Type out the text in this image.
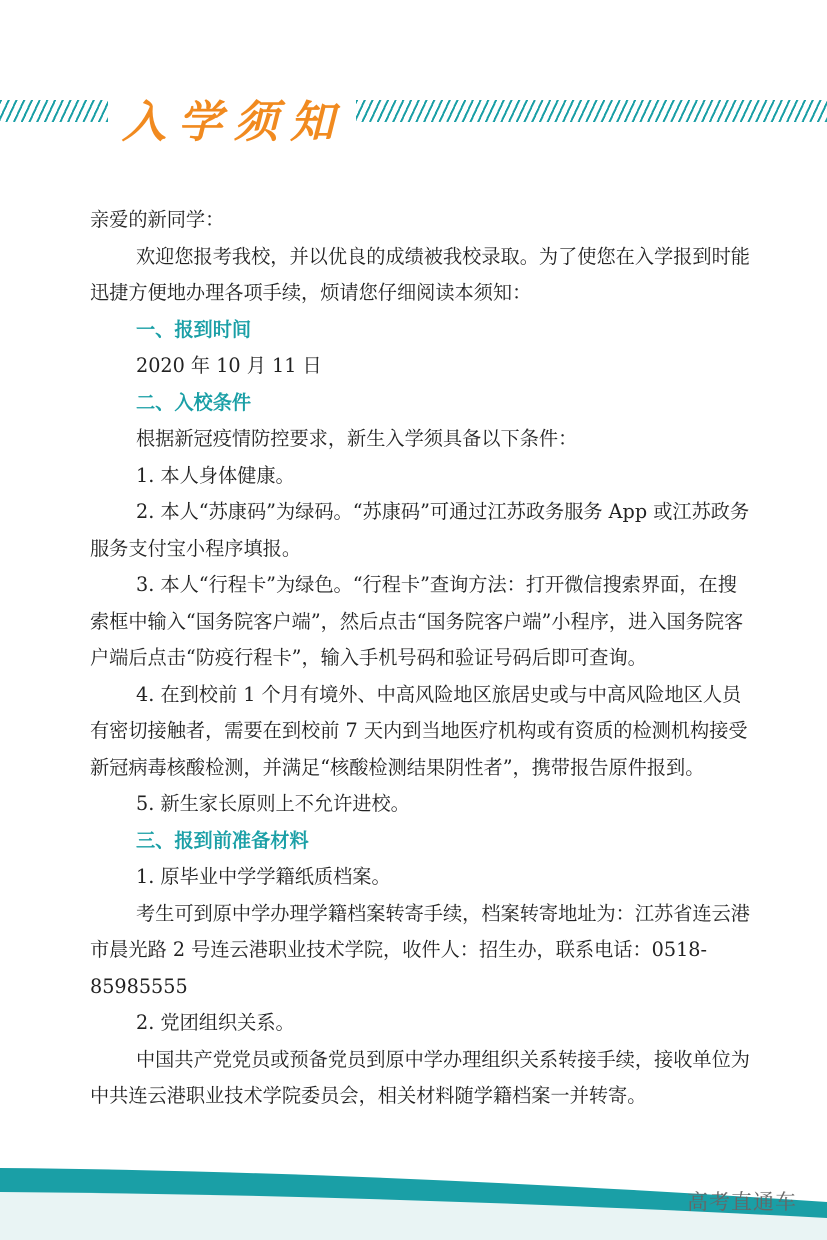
入学须知

亲爱的新同学：

欢迎您报考我校，并以优良的成绩被我校录取。为了使您在入学报到时能迅捷方便地办理各项手续，烦请您仔细阅读本须知：

一、报到时间

2020 年 10 月 11 日

二、入校条件

根据新冠疫情防控要求，新生入学须具备以下条件：

1. 本人身体健康。

2. 本人“苏康码”为绿码。“苏康码”可通过江苏政务服务 App 或江苏政务服务支付宝小程序填报。

3. 本人“行程卡”为绿色。“行程卡”查询方法：打开微信搜索界面，在搜索框中输入“国务院客户端”，然后点击“国务院客户端”小程序，进入国务院客户端后点击“防疫行程卡”，输入手机号码和验证号码后即可查询。

4. 在到校前 1 个月有境外、中高风险地区旅居史或与中高风险地区人员有密切接触者，需要在到校前 7 天内到当地医疗机构或有资质的检测机构接受新冠病毒核酸检测，并满足“核酸检测结果阴性者”，携带报告原件报到。

5. 新生家长原则上不允许进校。

三、报到前准备材料

1. 原毕业中学学籍纸质档案。

考生可到原中学办理学籍档案转寄手续，档案转寄地址为：江苏省连云港市晨光路 2 号连云港职业技术学院，收件人：招生办，联系电话：0518-85985555

2. 党团组织关系。

中国共产党党员或预备党员到原中学办理组织关系转接手续，接收单位为中共连云港职业技术学院委员会，相关材料随学籍档案一并转寄。

高考直通车
